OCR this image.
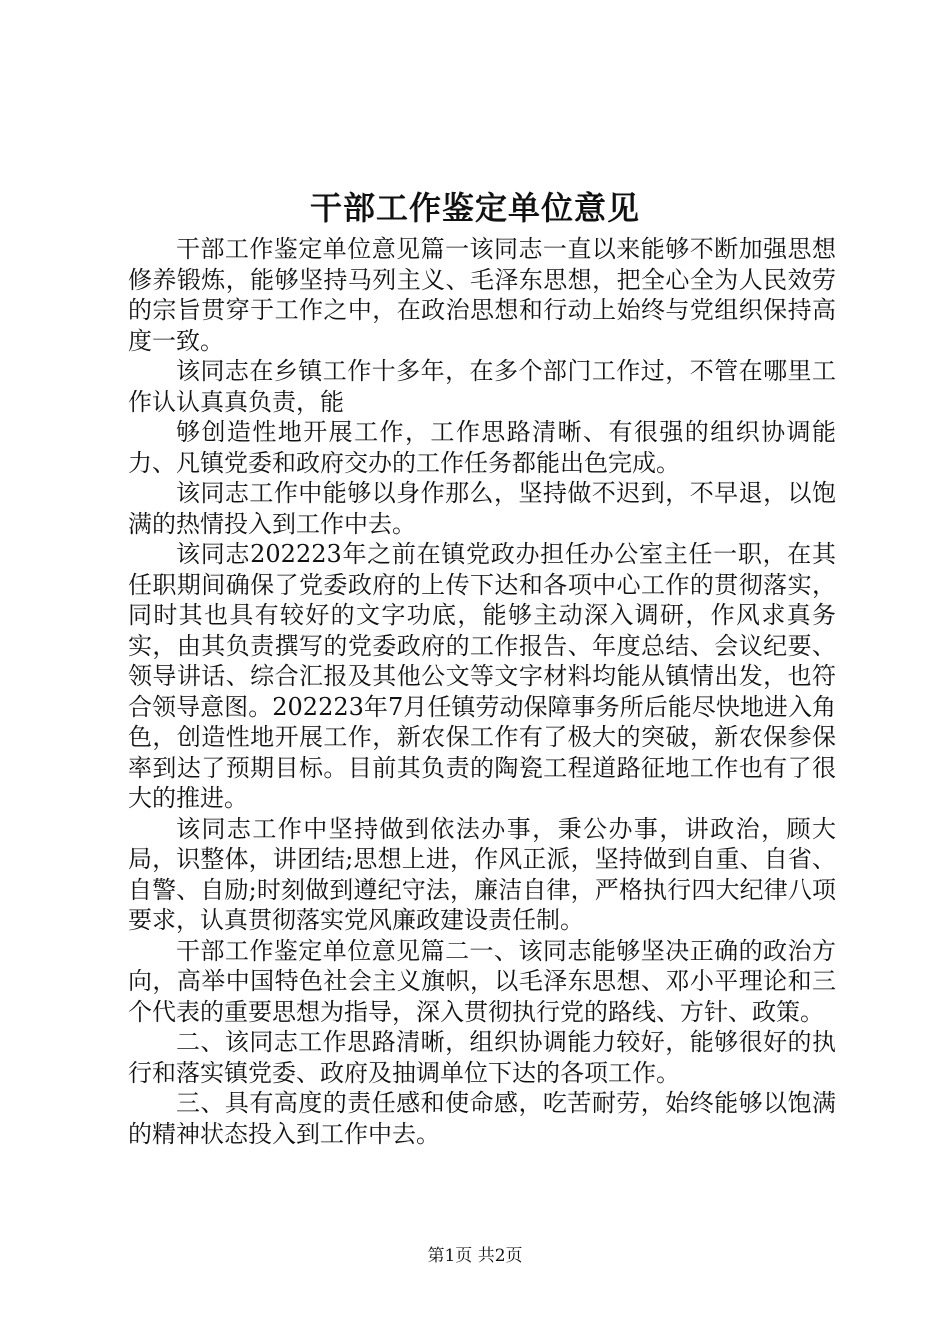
干部工作鉴定单位意见

干部工作鉴定单位意见篇一该同志一直以来能够不断加强思想修养锻炼，能够坚持马列主义、毛泽东思想，把全心全为人民效劳的宗旨贯穿于工作之中，在政治思想和行动上始终与党组织保持高度一致。

该同志在乡镇工作十多年，在多个部门工作过，不管在哪里工作认认真真负责，能

够创造性地开展工作，工作思路清晰、有很强的组织协调能力、凡镇党委和政府交办的工作任务都能出色完成。

该同志工作中能够以身作那么，坚持做不迟到，不早退，以饱满的热情投入到工作中去。

该同志202223年之前在镇党政办担任办公室主任一职，在其任职期间确保了党委政府的上传下达和各项中心工作的贯彻落实，同时其也具有较好的文字功底，能够主动深入调研，作风求真务实，由其负责撰写的党委政府的工作报告、年度总结、会议纪要、领导讲话、综合汇报及其他公文等文字材料均能从镇情出发，也符合领导意图。202223年7月任镇劳动保障事务所后能尽快地进入角色，创造性地开展工作，新农保工作有了极大的突破，新农保参保率到达了预期目标。目前其负责的陶瓷工程道路征地工作也有了很大的推进。

该同志工作中坚持做到依法办事，秉公办事，讲政治，顾大局，识整体，讲团结;思想上进，作风正派，坚持做到自重、自省、自警、自励;时刻做到遵纪守法，廉洁自律，严格执行四大纪律八项要求，认真贯彻落实党风廉政建设责任制。

干部工作鉴定单位意见篇二一、该同志能够坚决正确的政治方向，高举中国特色社会主义旗帜，以毛泽东思想、邓小平理论和三个代表的重要思想为指导，深入贯彻执行党的路线、方针、政策。

二、该同志工作思路清晰，组织协调能力较好，能够很好的执行和落实镇党委、政府及抽调单位下达的各项工作。

三、具有高度的责任感和使命感，吃苦耐劳，始终能够以饱满的精神状态投入到工作中去。

第1页 共2页
